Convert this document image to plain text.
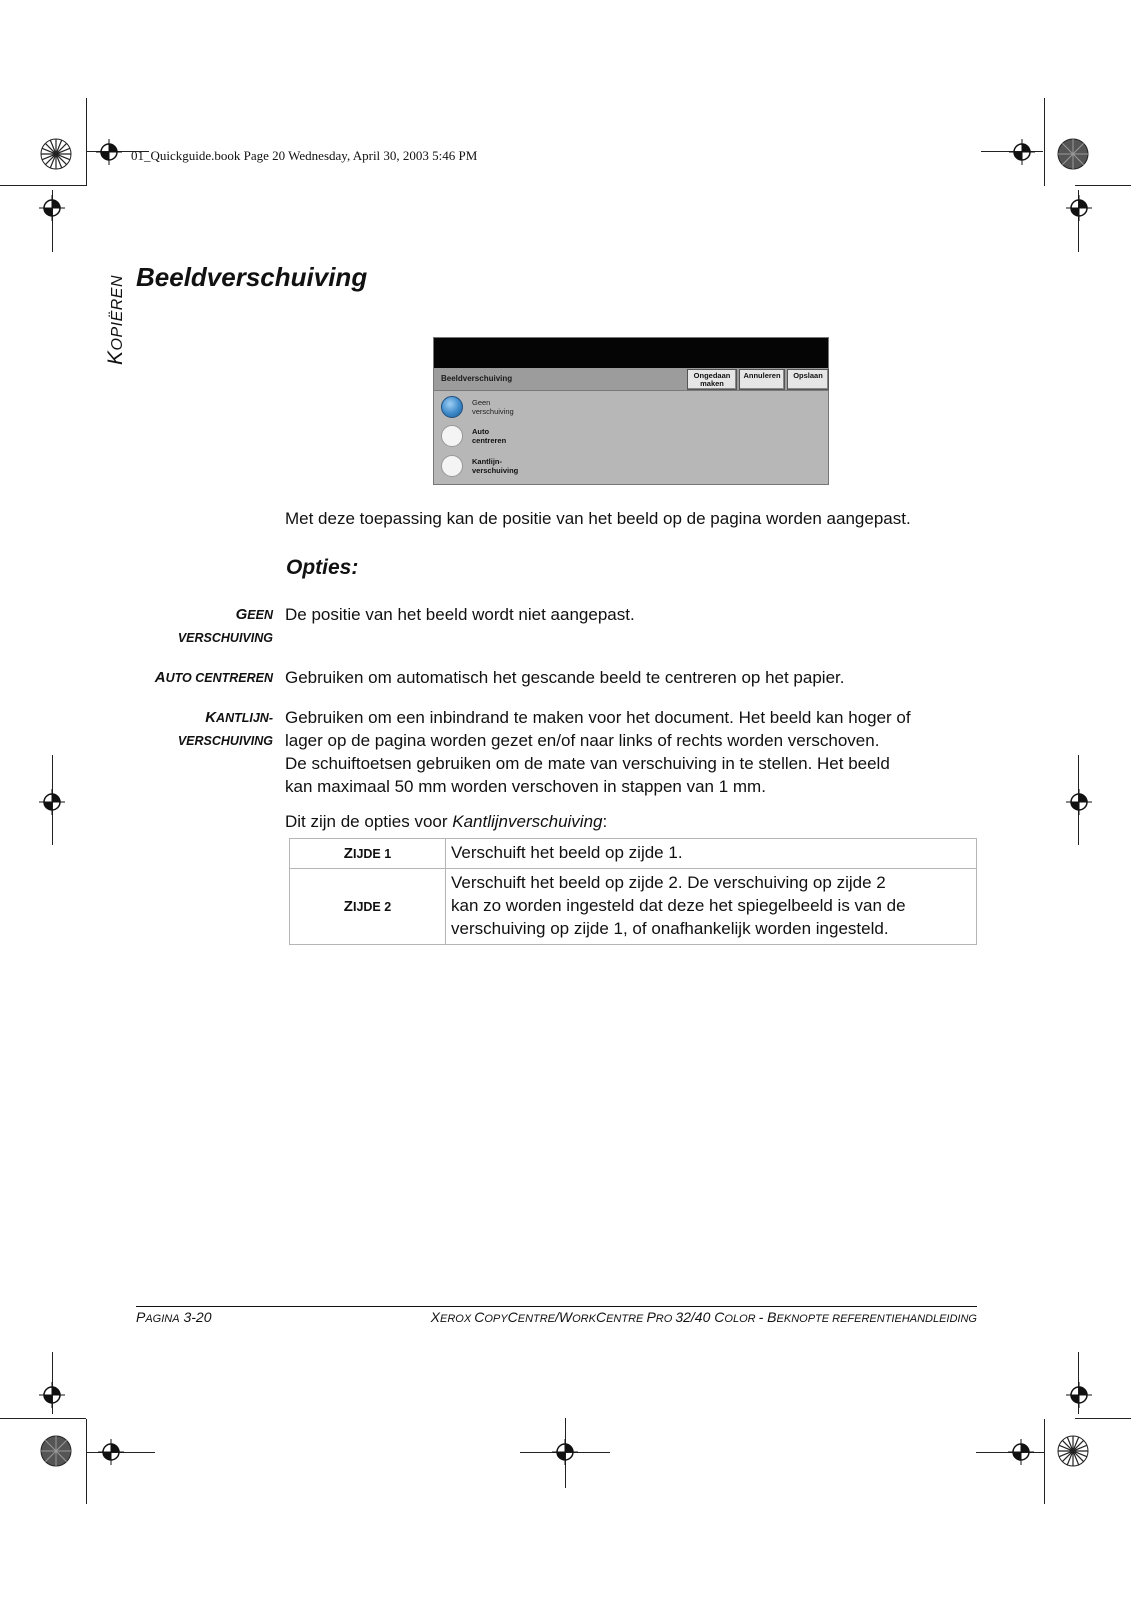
01_Quickguide.book Page 20 Wednesday, April 30, 2003 5:46 PM
KOPIËREN Beeldverschuiving
Beeldverschuiving	Ongedaan
maken
Annuleren	Opslaan
Geen
verschuiving
Auto
centreren
Kantlijn-
verschuiving
Met deze toepassing kan de positie van het beeld op de pagina worden aangepast.
Opties:
GEEN
VERSCHUIVING
De positie van het beeld wordt niet aangepast.
AUTO CENTREREN Gebruiken om automatisch het gescande beeld te centreren op het papier.
KANTLIJN-
VERSCHUIVING
Gebruiken om een inbindrand te maken voor het document. Het beeld kan hoger of
lager op de pagina worden gezet en/of naar links of rechts worden verschoven.
De schuiftoetsen gebruiken om de mate van verschuiving in te stellen. Het beeld
kan maximaal 50 mm worden verschoven in stappen van 1 mm.
Dit zijn de opties voor Kantlijnverschuiving:
ZIJDE 1	Verschuift het beeld op zijde 1.

ZIJDE 2	Verschuift het beeld op zijde 2. De verschuiving op zijde 2
kan zo worden ingesteld dat deze het spiegelbeeld is van de
verschuiving op zijde 1, of onafhankelijk worden ingesteld.
PAGINA 3-20	XEROX COPYCENTRE/WORKCENTRE PRO 32/40 COLOR - BEKNOPTE REFERENTIEHANDLEIDING
